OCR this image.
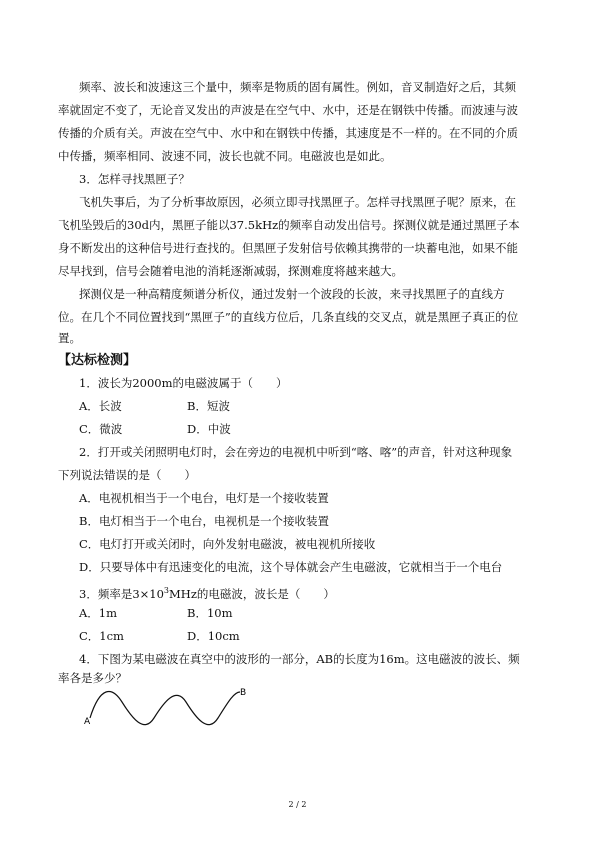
频率、波长和波速这三个量中，频率是物质的固有属性。例如，音叉制造好之后，其频

率就固定不变了，无论音叉发出的声波是在空气中、水中，还是在钢铁中传播。而波速与波

传播的介质有关。声波在空气中、水中和在钢铁中传播，其速度是不一样的。在不同的介质

中传播，频率相同、波速不同，波长也就不同。电磁波也是如此。

3．怎样寻找黑匣子？

飞机失事后，为了分析事故原因，必须立即寻找黑匣子。怎样寻找黑匣子呢？原来，在

飞机坠毁后的30d内，黑匣子能以37.5kHz的频率自动发出信号。探测仪就是通过黑匣子本

身不断发出的这种信号进行查找的。但黑匣子发射信号依赖其携带的一块蓄电池，如果不能

尽早找到，信号会随着电池的消耗逐渐减弱，探测难度将越来越大。

探测仪是一种高精度频谱分析仪，通过发射一个波段的长波，来寻找黑匣子的直线方

位。在几个不同位置找到“黑匣子”的直线方位后，几条直线的交叉点，就是黑匣子真正的位

置。

【达标检测】

1．波长为2000m的电磁波属于（　　）

A．长波	B．短波
C．微波	D．中波

2．打开或关闭照明电灯时，会在旁边的电视机中听到“喀、喀”的声音，针对这种现象

下列说法错误的是（　　）

A．电视机相当于一个电台，电灯是一个接收装置

B．电灯相当于一个电台，电视机是一个接收装置

C．电灯打开或关闭时，向外发射电磁波，被电视机所接收

D．只要导体中有迅速变化的电流，这个导体就会产生电磁波，它就相当于一个电台

3．频率是$3\times 10^3MHz$的电磁波，波长是（　　）

A．1m	B．10m
C．1cm	D．10cm

4．下图为某电磁波在真空中的波形的一部分，AB的长度为16m。这电磁波的波长、频

率各是多少？

A
B
2 / 2
